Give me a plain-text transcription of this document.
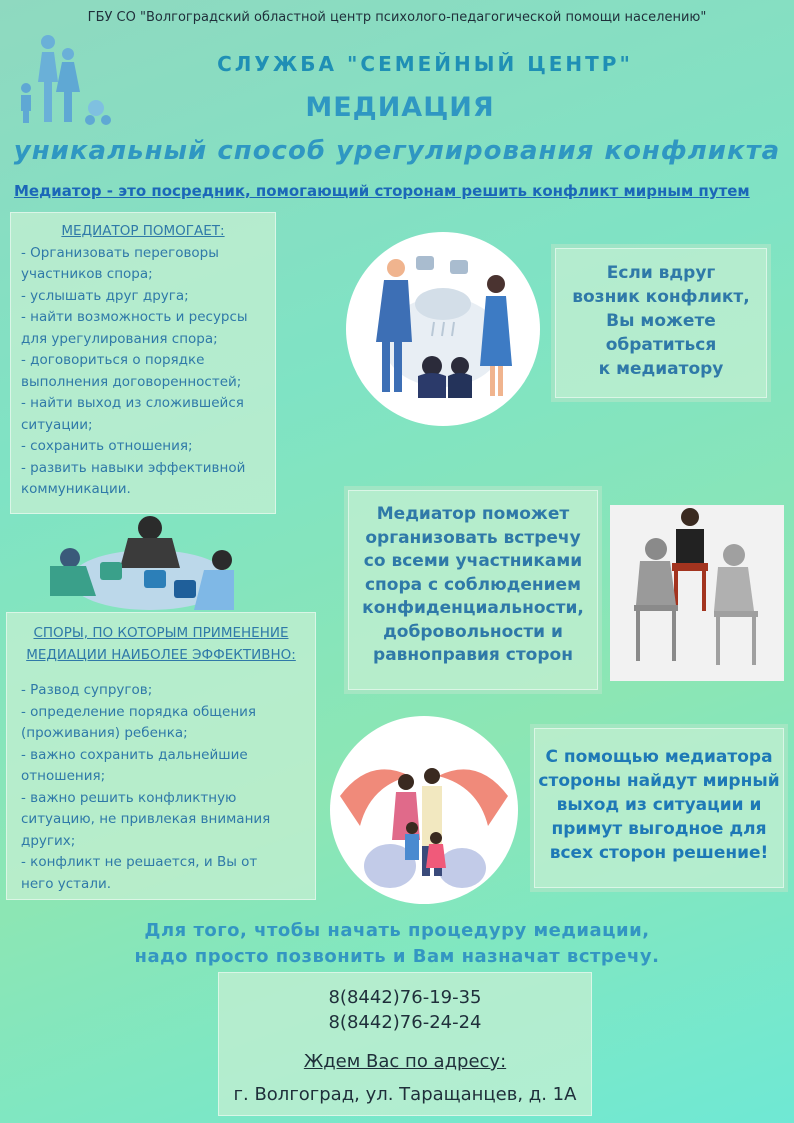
ГБУ СО "Волгоградский областной центр психолого-педагогической помощи населению"
СЛУЖБА "СЕМЕЙНЫЙ ЦЕНТР"
МЕДИАЦИЯ
уникальный способ урегулирования конфликта
Медиатор - это посредник, помогающий сторонам решить конфликт мирным путем
МЕДИАТОР ПОМОГАЕТ:
- Организовать переговоры
участников спора;
- услышать друг друга;
- найти возможность и ресурсы
для урегулирования спора;
- договориться о порядке
выполнения договоренностей;
- найти выход из сложившейся
ситуации;
- сохранить отношения;
- развить навыки эффективной
коммуникации.
Если вдруг
возник конфликт,
Вы можете
обратиться
к медиатору
Медиатор поможет
организовать встречу
со всеми участниками
спора с соблюдением
конфиденциальности,
добровольности и
равноправия сторон
СПОРЫ, ПО КОТОРЫМ ПРИМЕНЕНИЕ
МЕДИАЦИИ НАИБОЛЕЕ ЭФФЕКТИВНО:
- Развод супругов;
- определение порядка общения
(проживания) ребенка;
- важно сохранить дальнейшие
отношения;
- важно решить конфликтную
ситуацию, не привлекая внимания
других;
- конфликт не решается, и Вы от
него устали.
С помощью медиатора
стороны найдут мирный
выход из ситуации и
примут выгодное для
всех сторон решение!
Для того, чтобы начать процедуру медиации,
надо просто позвонить и Вам назначат встречу.
8(8442)76-19-35
8(8442)76-24-24
Ждем Вас по адресу:
г. Волгоград, ул. Таращанцев, д. 1А
